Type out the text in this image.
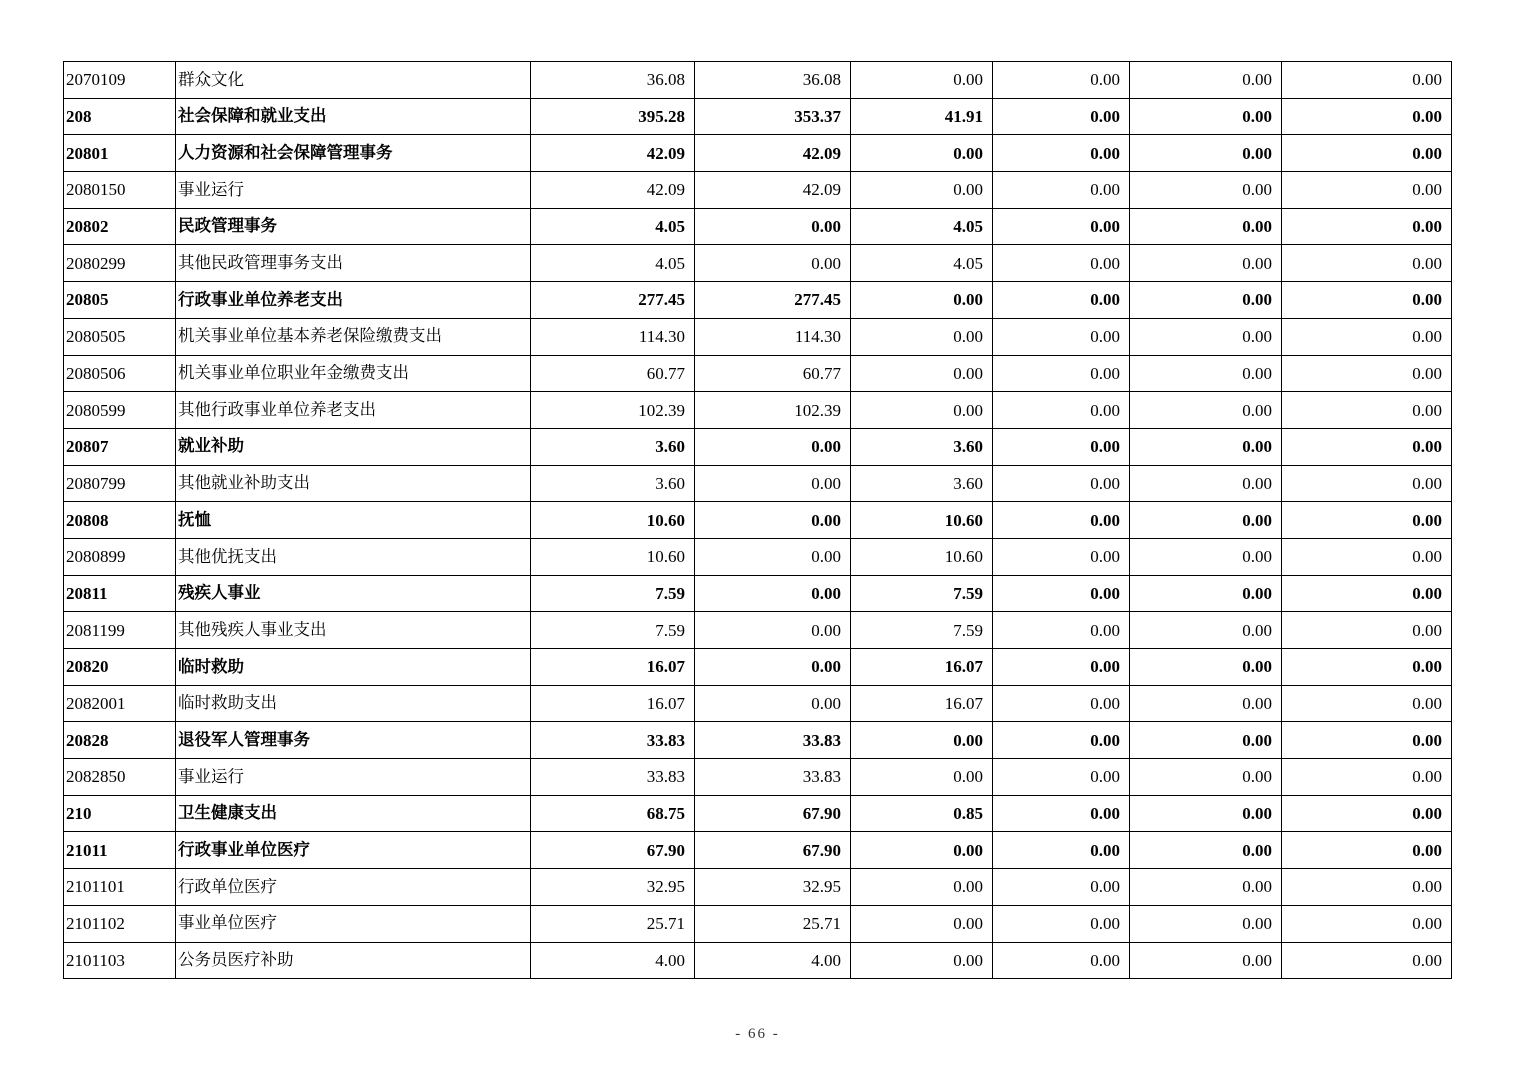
2070109	群众文化	36.08	36.08	0.00	0.00	0.00	0.00
208	社会保障和就业支出	395.28	353.37	41.91	0.00	0.00	0.00
20801	人力资源和社会保障管理事务	42.09	42.09	0.00	0.00	0.00	0.00
2080150	事业运行	42.09	42.09	0.00	0.00	0.00	0.00
20802	民政管理事务	4.05	0.00	4.05	0.00	0.00	0.00
2080299	其他民政管理事务支出	4.05	0.00	4.05	0.00	0.00	0.00
20805	行政事业单位养老支出	277.45	277.45	0.00	0.00	0.00	0.00
2080505	机关事业单位基本养老保险缴费支出	114.30	114.30	0.00	0.00	0.00	0.00
2080506	机关事业单位职业年金缴费支出	60.77	60.77	0.00	0.00	0.00	0.00
2080599	其他行政事业单位养老支出	102.39	102.39	0.00	0.00	0.00	0.00
20807	就业补助	3.60	0.00	3.60	0.00	0.00	0.00
2080799	其他就业补助支出	3.60	0.00	3.60	0.00	0.00	0.00
20808	抚恤	10.60	0.00	10.60	0.00	0.00	0.00
2080899	其他优抚支出	10.60	0.00	10.60	0.00	0.00	0.00
20811	残疾人事业	7.59	0.00	7.59	0.00	0.00	0.00
2081199	其他残疾人事业支出	7.59	0.00	7.59	0.00	0.00	0.00
20820	临时救助	16.07	0.00	16.07	0.00	0.00	0.00
2082001	临时救助支出	16.07	0.00	16.07	0.00	0.00	0.00
20828	退役军人管理事务	33.83	33.83	0.00	0.00	0.00	0.00
2082850	事业运行	33.83	33.83	0.00	0.00	0.00	0.00
210	卫生健康支出	68.75	67.90	0.85	0.00	0.00	0.00
21011	行政事业单位医疗	67.90	67.90	0.00	0.00	0.00	0.00
2101101	行政单位医疗	32.95	32.95	0.00	0.00	0.00	0.00
2101102	事业单位医疗	25.71	25.71	0.00	0.00	0.00	0.00
2101103	公务员医疗补助	4.00	4.00	0.00	0.00	0.00	0.00
- 66 -
